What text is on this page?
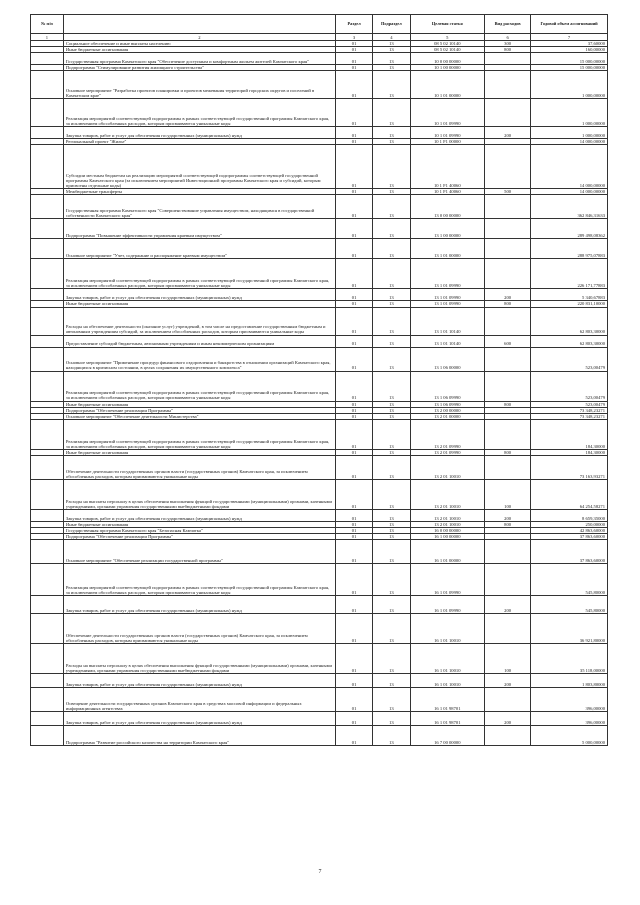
№ п/п		Раздел	Подраздел	Целевая статья	Вид расходов	Годовой объем ассигнований
1	2	3	4	5	6	7
	Социальное обеспечение и иные выплаты населению	01	13	08 5 02 10140	300	37,60000
	Иные бюджетные ассигнования	01	13	08 5 02 10140	800	160,00000
	Государственная программа Камчатского края "Обеспечение доступным и комфортным жильем жителей Камчатского края"	01	13	10 0 00 00000		15 000,00000
	Подпрограмма "Стимулирование развития жилищного строительства"	01	13	10 1 00 00000		15 000,00000
	Основное мероприятие "Разработка проектов планировки и проектов межевания территорий городских округов и поселений в Камчатском крае"	01	13	10 1 01 00000		1 000,00000
	Реализация мероприятий соответствующей подпрограммы в рамках соответствующей государственной программы Камчатского края, за исключением обособленных расходов, которым присваиваются уникальные коды	01	13	10 1 01 09990		1 000,00000
	Закупка товаров, работ и услуг для обеспечения государственных (муниципальных) нужд	01	13	10 1 01 09990	200	1 000,00000
	Региональный проект "Жилье"	01	13	10 1 F1 00000		14 000,00000
	Субсидии местным бюджетам на реализацию мероприятий соответствующей подпрограммы соответствующей государственной программы Камчатского края (за исключением мероприятий Инвестиционной программы Камчатского края и субсидий, которым присвоены отдельные коды)	01	13	10 1 F1 40060		14 000,00000
	Межбюджетные трансферты	01	13	10 1 F1 40060	500	14 000,00000
	Государственная программа Камчатского края "Совершенствование управления имуществом, находящимся в государственной собственности Камчатского края"	01	13	13 0 00 00000		362 846,31633
	Подпрограмма "Повышение эффективности управления краевым имуществом"	01	13	13 1 00 00000		289 498,08362
	Основное мероприятие "Учет, содержание и распоряжение краевым имуществом"	01	13	13 1 01 00000		288 975,07883
	Реализация мероприятий соответствующей подпрограммы в рамках соответствующей государственной программы Камчатского края, за исключением обособленных расходов, которым присваиваются уникальные коды	01	13	13 1 01 09990		226 171,77883
	Закупка товаров, работ и услуг для обеспечения государственных (муниципальных) нужд	01	13	13 1 01 09990	200	5 340,67883
	Иные бюджетные ассигнования	01	13	13 1 01 09990	800	220 831,10000
	Расходы на обеспечение деятельности (оказание услуг) учреждений, в том числе на предоставление государственным бюджетным и автономным учреждениям субсидий, за исключением обособленных расходов, которым присваиваются уникальные коды	01	13	13 1 01 10140		62 803,30000
	Предоставление субсидий бюджетным, автономным учреждениям и иным некоммерческим организациям	01	13	13 1 01 10140	600	62 803,30000
	Основное мероприятие "Применение процедур финансового оздоровления и банкротства в отношении организаций Камчатского края, находящихся в кризисном состоянии, в целях сохранения их имущественного комплекса"	01	13	13 1 06 00000		523,00479
	Реализация мероприятий соответствующей подпрограммы в рамках соответствующей государственной программы Камчатского края, за исключением обособленных расходов, которым присваиваются уникальные коды	01	13	13 1 06 09990		523,00479
	Иные бюджетные ассигнования	01	13	13 1 06 09990	800	523,00479
	Подпрограмма "Обеспечение реализации Программы"	01	13	13 2 00 00000		73 348,23271
	Основное мероприятие "Обеспечение деятельности Министерства"	01	13	13 2 01 00000		73 348,23271
	Реализация мероприятий соответствующей подпрограммы в рамках соответствующей государственной программы Камчатского края, за исключением обособленных расходов, которым присваиваются уникальные коды	01	13	13 2 01 09990		184,30000
	Иные бюджетные ассигнования	01	13	13 2 01 09990	800	184,30000
	Обеспечение деятельности государственных органов власти (государственных органов) Камчатского края, за исключением обособленных расходов, которым присваиваются уникальные коды	01	13	13 2 01 10010		73 163,93271
	Расходы на выплаты персоналу в целях обеспечения выполнения функций государственными (муниципальными) органами, казенными учреждениями, органами управления государственными внебюджетными фондами	01	13	13 2 01 10010	100	64 254,58271
	Закупка товаров, работ и услуг для обеспечения государственных (муниципальных) нужд	01	13	13 2 01 10010	200	8 659,35000
	Иные бюджетные ассигнования	01	13	13 2 01 10010	800	250,00000
	Государственная программа Камчатского края "Безопасная Камчатка"	01	13	16 0 00 00000		42 863,60000
	Подпрограмма "Обеспечение реализации Программы"	01	13	16 1 00 00000		37 863,60000
	Основное мероприятие "Обеспечение реализации государственной программы"	01	13	16 1 01 00000		37 863,60000
	Реализация мероприятий соответствующей подпрограммы в рамках соответствующей государственной программы Камчатского края, за исключением обособленных расходов, которым присваиваются уникальные коды	01	13	16 1 01 09990		545,80000
	Закупка товаров, работ и услуг для обеспечения государственных (муниципальных) нужд	01	13	16 1 01 09990	200	545,80000
	Обеспечение деятельности государственных органов власти (государственных органов) Камчатского края, за исключением обособленных расходов, которым присваиваются уникальные коды	01	13	16 1 01 10010		36 921,80000
	Расходы на выплаты персоналу в целях обеспечения выполнения функций государственными (муниципальными) органами, казенными учреждениями, органами управления государственными внебюджетными фондами	01	13	16 1 01 10010	100	35 118,00000
	Закупка товаров, работ и услуг для обеспечения государственных (муниципальных) нужд	01	13	16 1 01 10010	200	1 803,80000
	Освещение деятельности государственных органов Камчатского края в средствах массовой информации и федеральных информационных агентствах	01	13	16 1 01 98701		396,00000
	Закупка товаров, работ и услуг для обеспечения государственных (муниципальных) нужд	01	13	16 1 01 98701	200	396,00000
	Подпрограмма "Развитие российского казачества на территории Камчатского края"	01	13	16 7 00 00000		5 000,00000
7
